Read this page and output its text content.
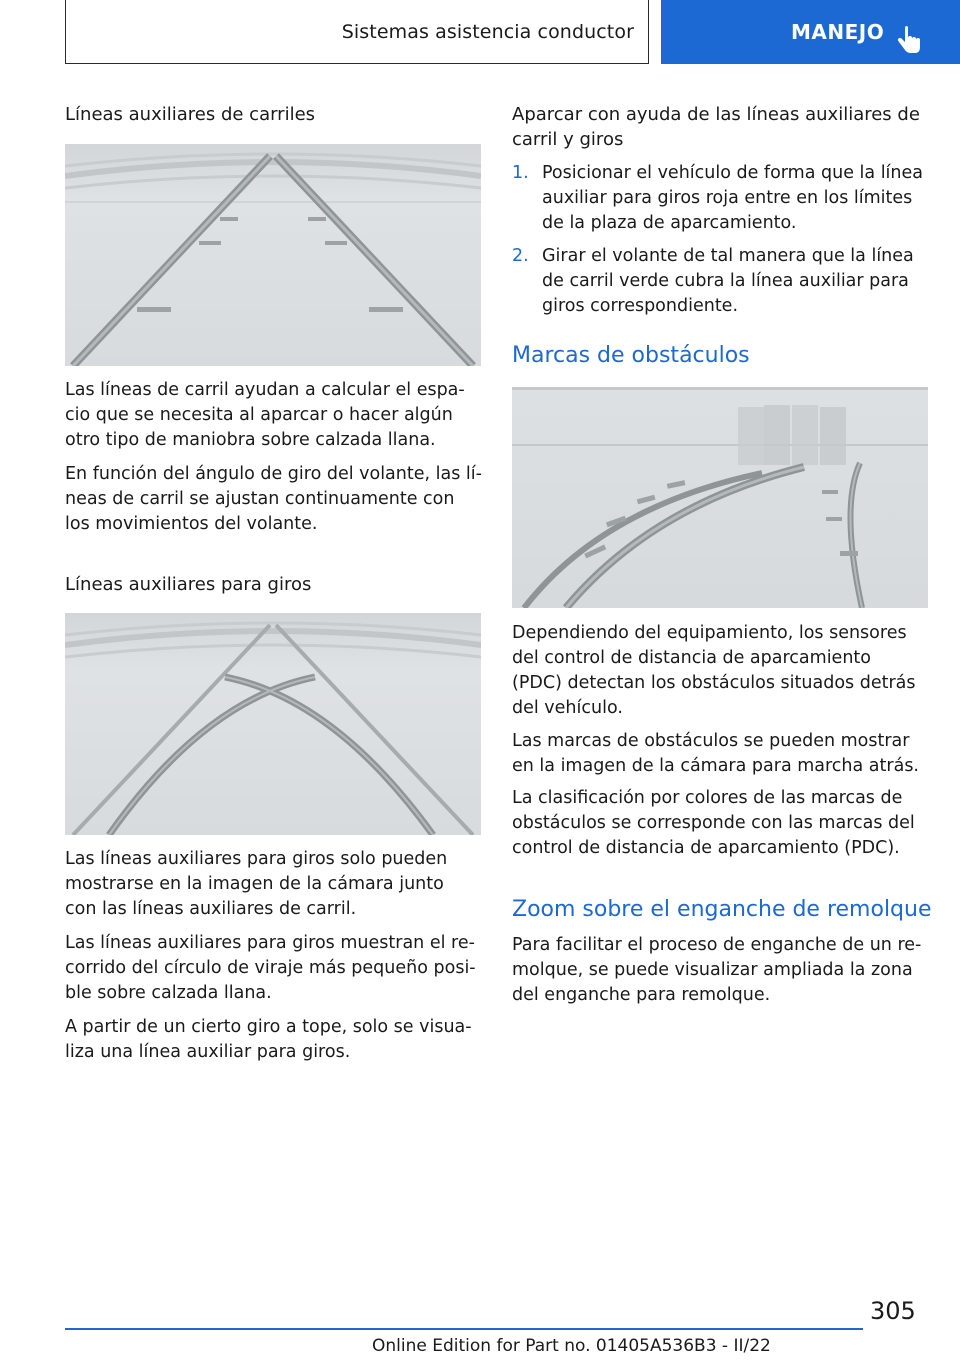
Sistemas asistencia conductor	MANEJO
Líneas auxiliares de carriles
Las líneas de carril ayudan a calcular el espa-
cio que se necesita al aparcar o hacer algún
otro tipo de maniobra sobre calzada llana.
En función del ángulo de giro del volante, las lí-
neas de carril se ajustan continuamente con
los movimientos del volante.
Líneas auxiliares para giros
Las líneas auxiliares para giros solo pueden
mostrarse en la imagen de la cámara junto
con las líneas auxiliares de carril.
Las líneas auxiliares para giros muestran el re-
corrido del círculo de viraje más pequeño posi-
ble sobre calzada llana.
A partir de un cierto giro a tope, solo se visua-
liza una línea auxiliar para giros.
Aparcar con ayuda de las líneas auxiliares de
carril y giros
1. Posicionar el vehículo de forma que la línea
auxiliar para giros roja entre en los límites
de la plaza de aparcamiento.
2. Girar el volante de tal manera que la línea
de carril verde cubra la línea auxiliar para
giros correspondiente.
Marcas de obstáculos
Dependiendo del equipamiento, los sensores
del control de distancia de aparcamiento
(PDC) detectan los obstáculos situados detrás
del vehículo.
Las marcas de obstáculos se pueden mostrar
en la imagen de la cámara para marcha atrás.
La clasificación por colores de las marcas de
obstáculos se corresponde con las marcas del
control de distancia de aparcamiento (PDC).
Zoom sobre el enganche de remolque
Para facilitar el proceso de enganche de un re-
molque, se puede visualizar ampliada la zona
del enganche para remolque.
305
Online Edition for Part no. 01405A536B3 - II/22
